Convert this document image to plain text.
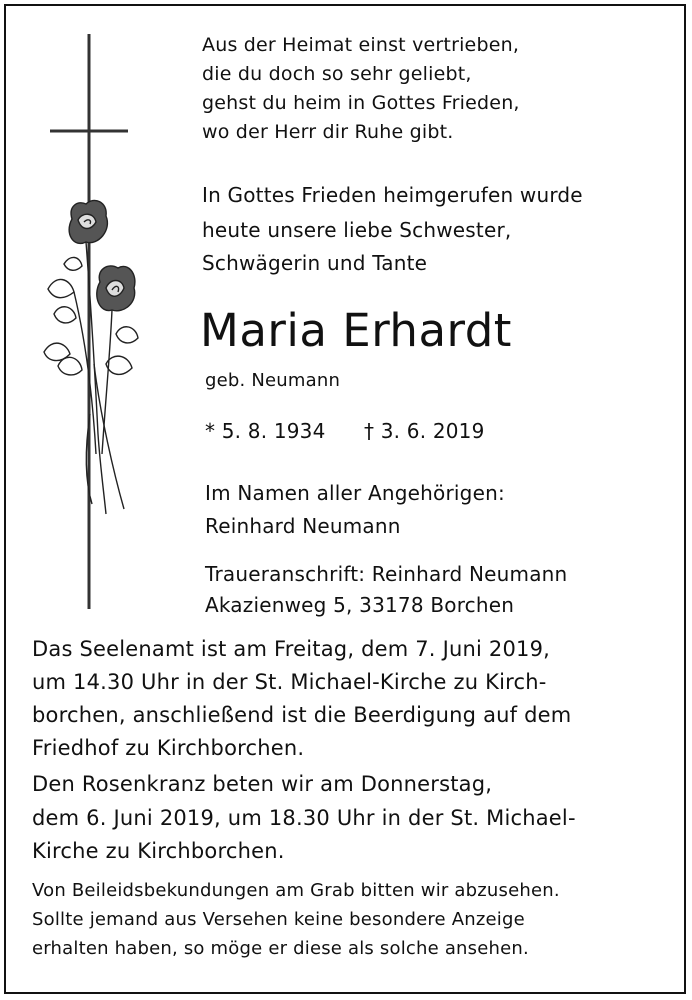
Aus der Heimat einst vertrieben,
die du doch so sehr geliebt,
gehst du heim in Gottes Frieden,
wo der Herr dir Ruhe gibt.
In Gottes Frieden heimgerufen wurde
heute unsere liebe Schwester,
Schwägerin und Tante
Maria Erhardt
geb. Neumann
* 5. 8. 1934 † 3. 6. 2019
Im Namen aller Angehörigen:
Reinhard Neumann
Traueranschrift: Reinhard Neumann
Akazienweg 5, 33178 Borchen
Das Seelenamt ist am Freitag, dem 7. Juni 2019,
um 14.30 Uhr in der St. Michael-Kirche zu Kirch-
borchen, anschließend ist die Beerdigung auf dem
Friedhof zu Kirchborchen.
Den Rosenkranz beten wir am Donnerstag,
dem 6. Juni 2019, um 18.30 Uhr in der St. Michael-
Kirche zu Kirchborchen.
Von Beileidsbekundungen am Grab bitten wir abzusehen.
Sollte jemand aus Versehen keine besondere Anzeige
erhalten haben, so möge er diese als solche ansehen.
